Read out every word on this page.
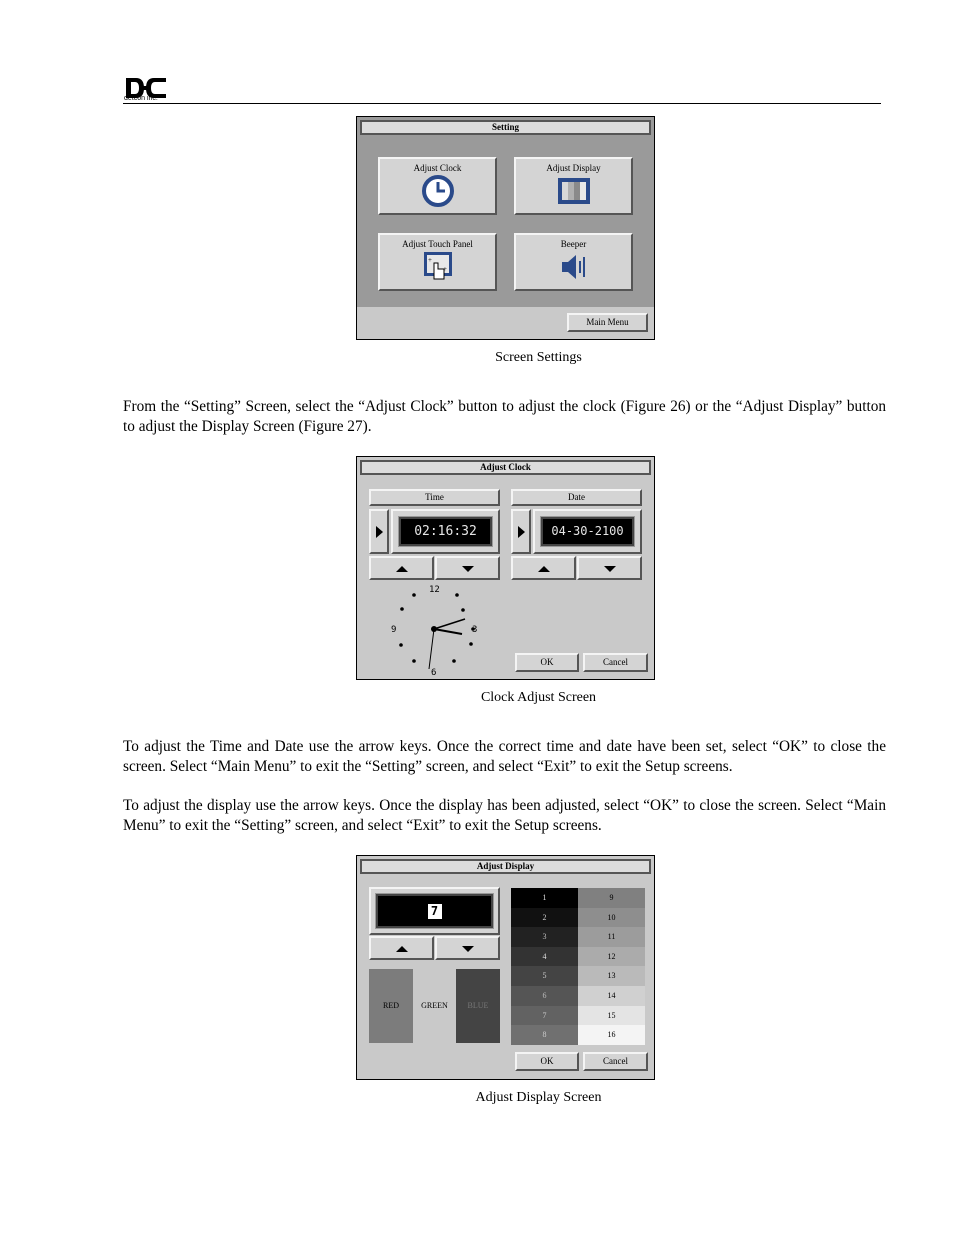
detcon inc.
Setting
Adjust Clock	Adjust Display
Adjust Touch Panel
+
+
Beeper
Main Menu
Screen Settings
From the “Setting” Screen, select the “Adjust Clock” button to adjust the clock (Figure 26) or the “Adjust Display” button to adjust the Display Screen (Figure 27).
Adjust Clock
Time	Date
02:16:32	04-30-2100
12
3
6
9
OK	Cancel
Clock Adjust Screen
To adjust the Time and Date use the arrow keys. Once the correct time and date have been set, select “OK” to close the screen. Select “Main Menu” to exit the “Setting” screen, and select “Exit” to exit the Setup screens.
To adjust the display use the arrow keys. Once the display has been adjusted, select “OK” to close the screen. Select “Main Menu” to exit the “Setting” screen, and select “Exit” to exit the Setup screens.
Adjust Display
7
RED	GREEN	BLUE
1
2
3
4
5
6
7
8
9
10
11
12
13
14
15
16
OK	Cancel
Adjust Display Screen
